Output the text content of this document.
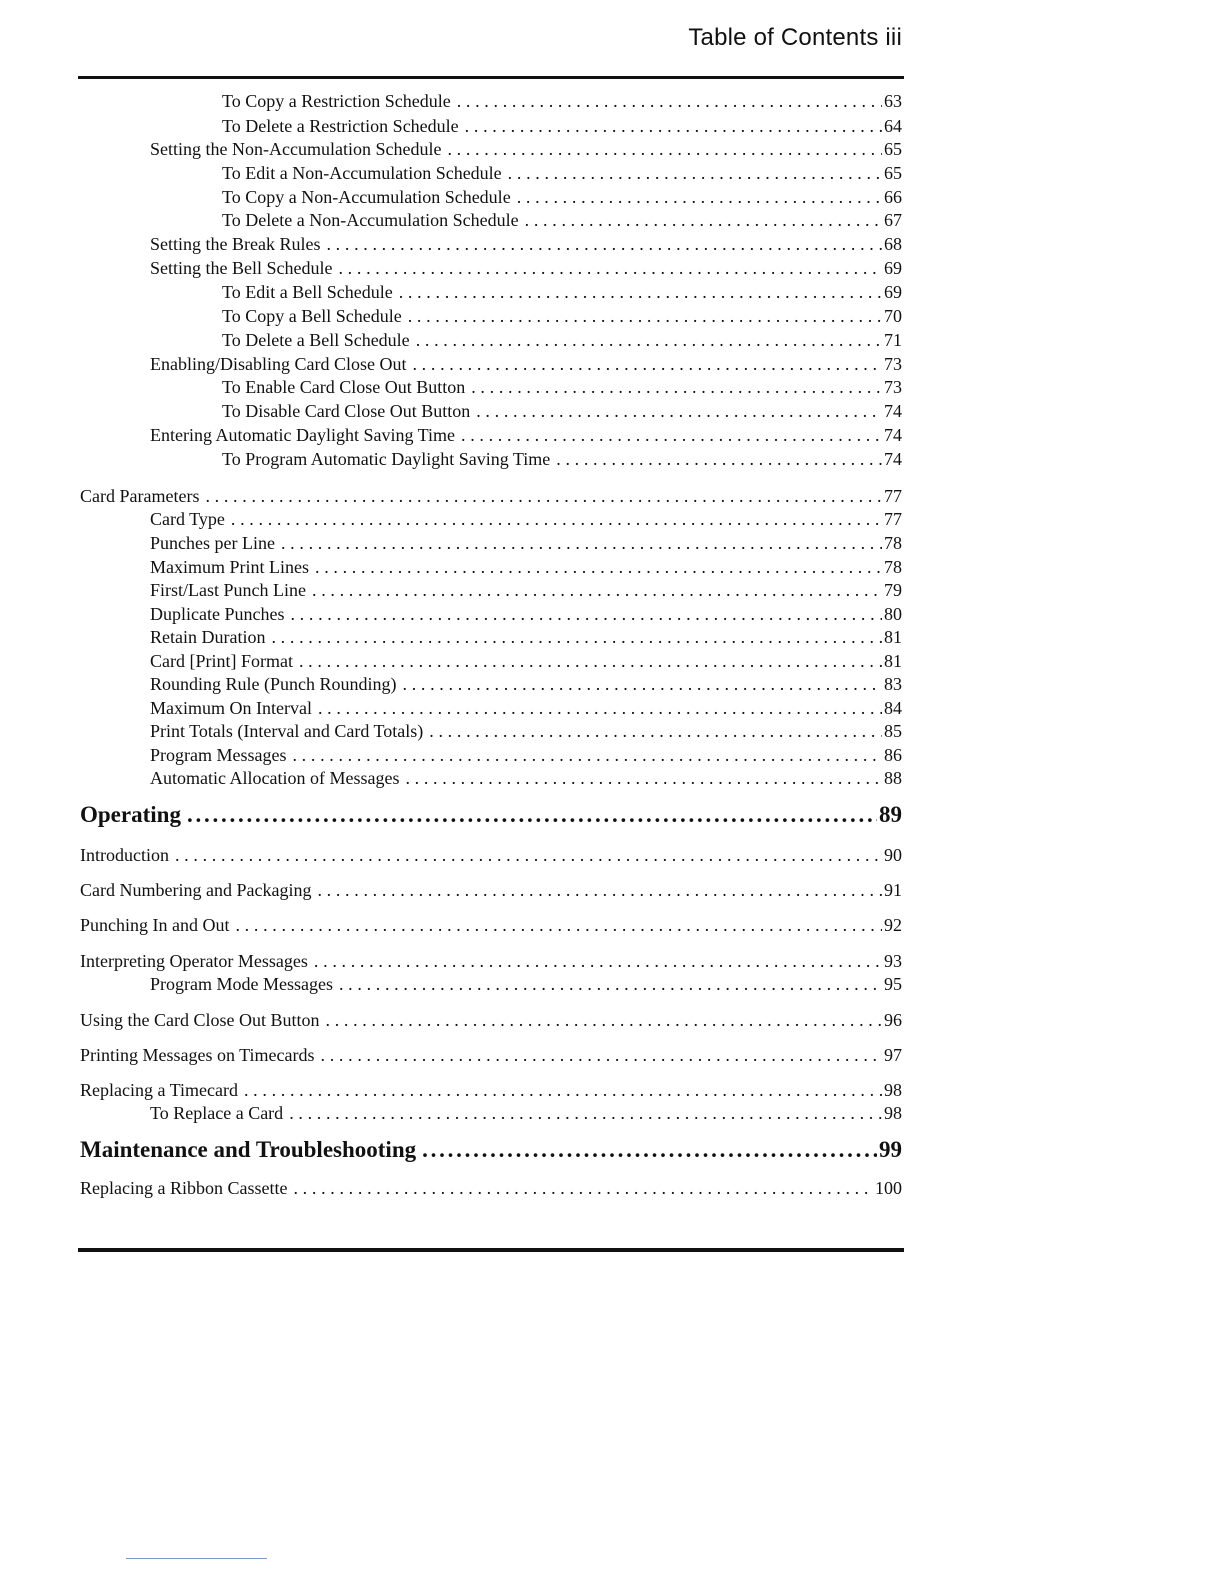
Table of Contents iii
To Copy a Restriction Schedule . . .	63
To Delete a Restriction Schedule . . .	64
Setting the Non-Accumulation Schedule . . .	65
To Edit a Non-Accumulation Schedule . . .	65
To Copy a Non-Accumulation Schedule . . .	66
To Delete a Non-Accumulation Schedule . . .	67
Setting the Break Rules . . .	68
Setting the Bell Schedule . . .	69
To Edit a Bell Schedule . . .	69
To Copy a Bell Schedule . . .	70
To Delete a Bell Schedule . . .	71
Enabling/Disabling Card Close Out . . .	73
To Enable Card Close Out Button . . .	73
To Disable Card Close Out Button . . .	74
Entering Automatic Daylight Saving Time . . .	74
To Program Automatic Daylight Saving Time . . .	74
Card Parameters . . .	77
Card Type . . .	77
Punches per Line . . .	78
Maximum Print Lines . . .	78
First/Last Punch Line . . .	79
Duplicate Punches . . .	80
Retain Duration . . .	81
Card [Print] Format . . .	81
Rounding Rule (Punch Rounding) . . .	83
Maximum On Interval . . .	84
Print Totals (Interval and Card Totals) . . .	85
Program Messages . . .	86
Automatic Allocation of Messages . . .	88
Operating . . .	89
Introduction . . .	90
Card Numbering and Packaging . . .	91
Punching In and Out . . .	92
Interpreting Operator Messages . . .	93
Program Mode Messages . . .	95
Using the Card Close Out Button . . .	96
Printing Messages on Timecards . . .	97
Replacing a Timecard . . .	98
To Replace a Card . . .	98
Maintenance and Troubleshooting . . .	99
Replacing a Ribbon Cassette . . .	100
